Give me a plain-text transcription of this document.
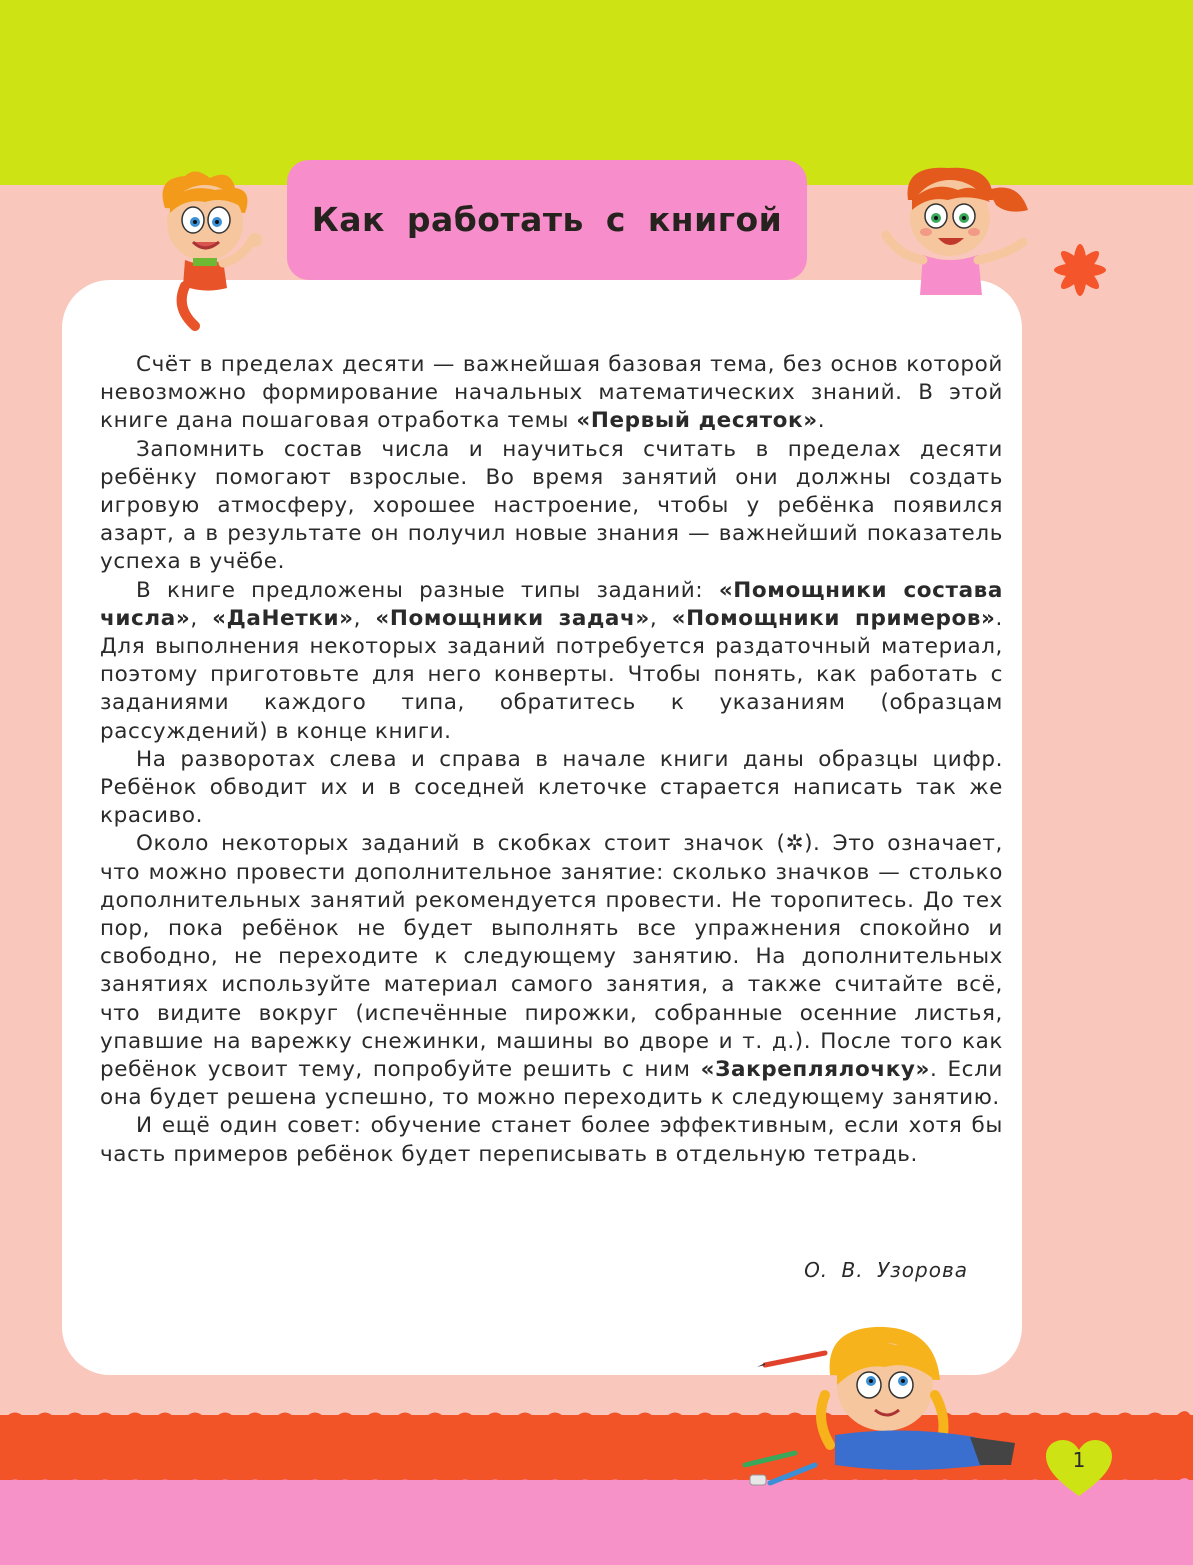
Как работать с книгой

Счёт в пределах десяти — важнейшая базовая тема, без основ которой невозможно формирование начальных математических знаний. В этой книге дана пошаговая отработка темы «Первый десяток».

Запомнить состав числа и научиться считать в пределах десяти ребёнку помогают взрослые. Во время занятий они должны создать игровую атмосферу, хорошее настроение, чтобы у ребёнка появился азарт, а в результате он получил новые знания — важнейший показатель успеха в учёбе.

В книге предложены разные типы заданий: «Помощники состава числа», «ДаНетки», «Помощники задач», «Помощники примеров». Для выполнения некоторых заданий потребуется раздаточный материал, поэтому приготовьте для него конверты. Чтобы понять, как работать с заданиями каждого типа, обратитесь к указаниям (образцам рассуждений) в конце книги.

На разворотах слева и справа в начале книги даны образцы цифр. Ребёнок обводит их и в соседней клеточке старается написать так же красиво.

Около некоторых заданий в скобках стоит значок (✲). Это означает, что можно провести дополнительное занятие: сколько значков — столько дополнительных занятий рекомендуется провести. Не торопитесь. До тех пор, пока ребёнок не будет выполнять все упражнения спокойно и свободно, не переходите к следующему занятию. На дополнительных занятиях используйте материал самого занятия, а также считайте всё, что видите вокруг (испечённые пирожки, собранные осенние листья, упавшие на варежку снежинки, машины во дворе и т. д.). После того как ребёнок усвоит тему, попробуйте решить с ним «Закреплялочку». Если она будет решена успешно, то можно переходить к следующему занятию.

И ещё один совет: обучение станет более эффективным, если хотя бы часть примеров ребёнок будет переписывать в отдельную тетрадь.

О. В. Узорова
1
